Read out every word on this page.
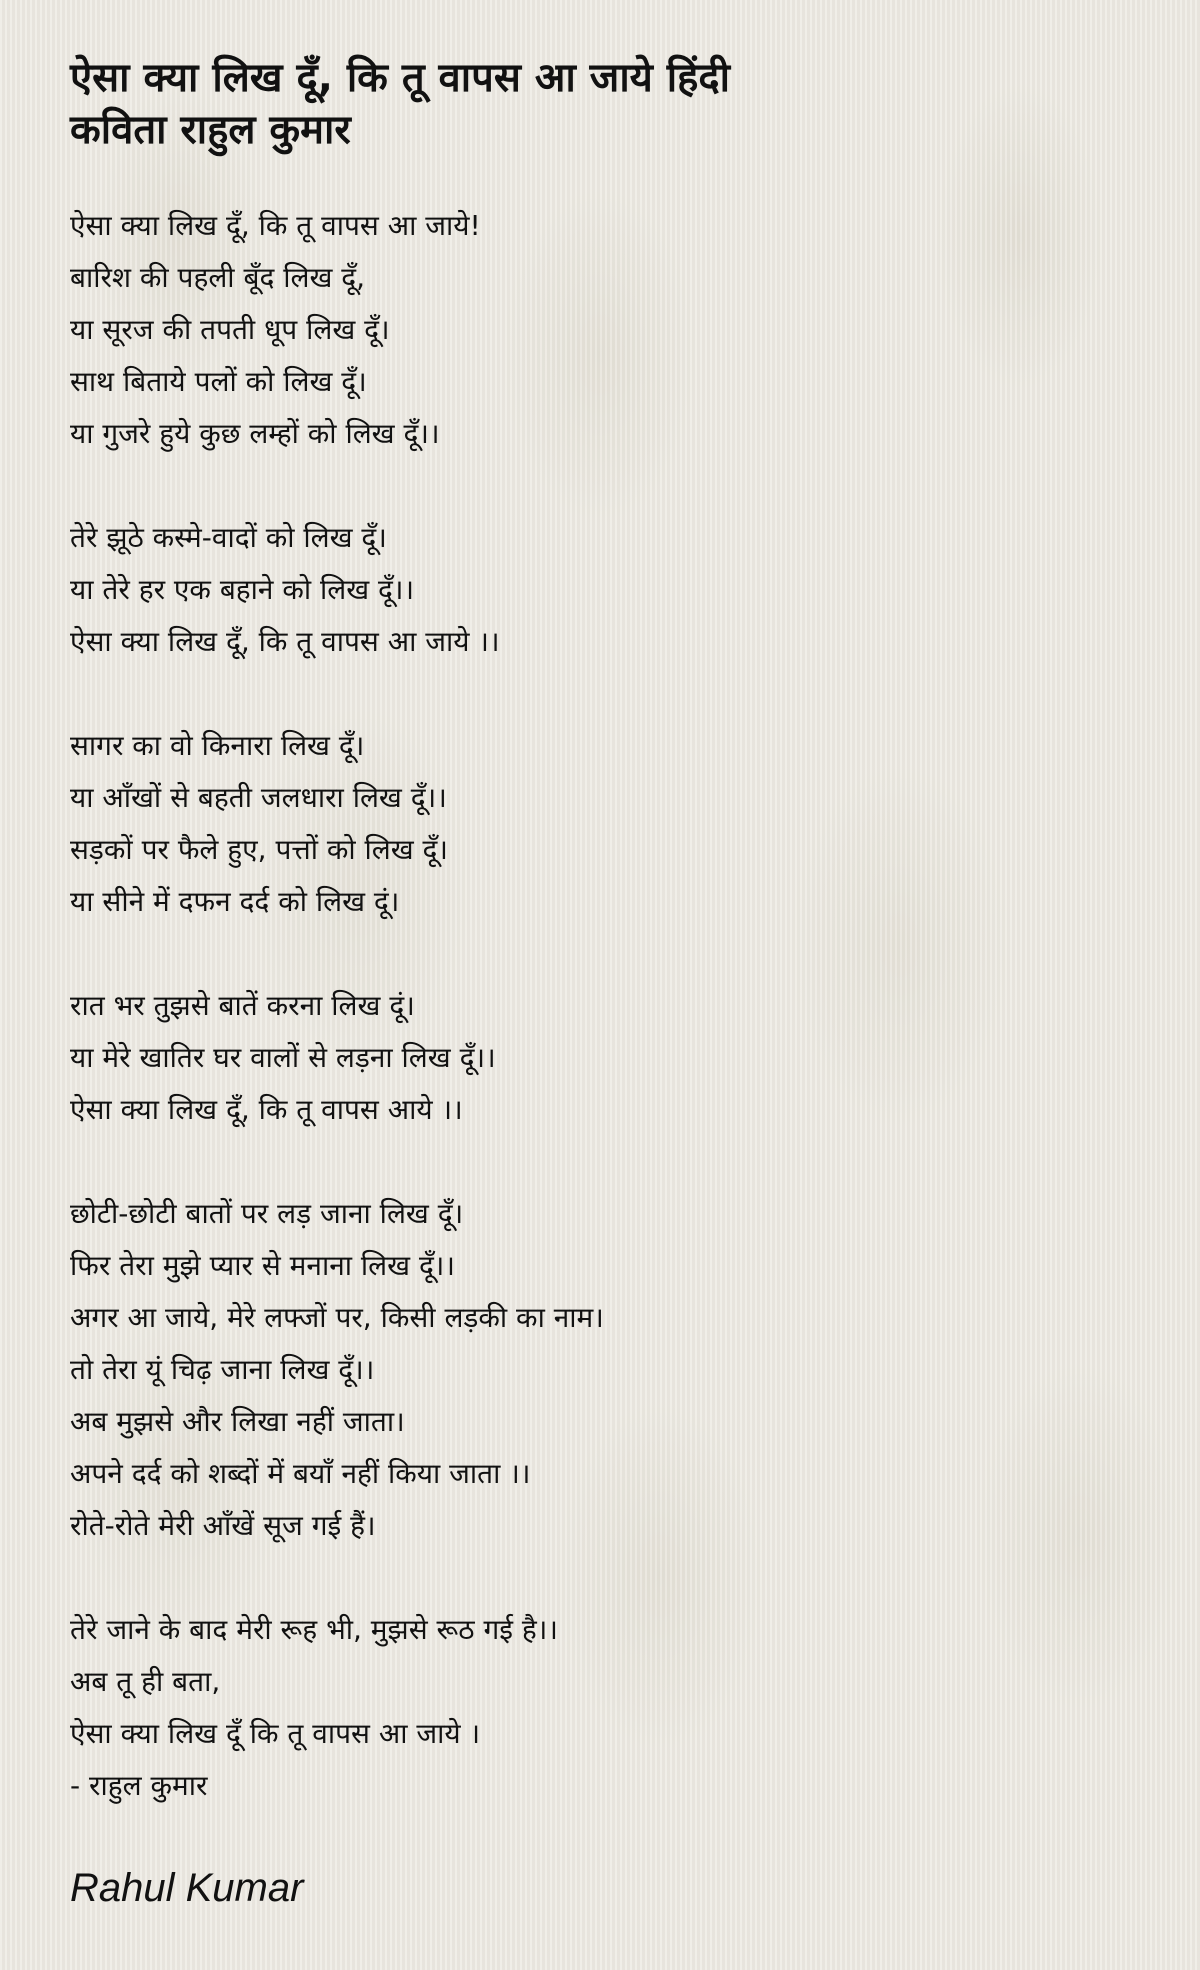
ऐसा क्या लिख दूँ, कि तू वापस आ जाये हिंदी कविता राहुल कुमार
ऐसा क्या लिख दूँ, कि तू वापस आ जाये!
बारिश की पहली बूँद लिख दूँ,
या सूरज की तपती धूप लिख दूँ।
साथ बिताये पलों को लिख दूँ।
या गुजरे हुये कुछ लम्हों को लिख दूँ।।
तेरे झूठे कस्मे-वादों को लिख दूँ।
या तेरे हर एक बहाने को लिख दूँ।।
ऐसा क्या लिख दूँ, कि तू वापस आ जाये ।।
सागर का वो किनारा लिख दूँ।
या आँखों से बहती जलधारा लिख दूँ।।
सड़कों पर फैले हुए, पत्तों को लिख दूँ।
या सीने में दफन दर्द को लिख दूं।
रात भर तुझसे बातें करना लिख दूं।
या मेरे खातिर घर वालों से लड़ना लिख दूँ।।
ऐसा क्या लिख दूँ, कि तू वापस आये ।।
छोटी-छोटी बातों पर लड़ जाना लिख दूँ।
फिर तेरा मुझे प्यार से मनाना लिख दूँ।।
अगर आ जाये, मेरे लफ्जों पर, किसी लड़की का नाम।
तो तेरा यूं चिढ़ जाना लिख दूँ।।
अब मुझसे और लिखा नहीं जाता।
अपने दर्द को शब्दों में बयाँ नहीं किया जाता ।।
रोते-रोते मेरी आँखें सूज गई हैं।
तेरे जाने के बाद मेरी रूह भी, मुझसे रूठ गई है।।
अब तू ही बता,
ऐसा क्या लिख दूँ कि तू वापस आ जाये ।
- राहुल कुमार
Rahul Kumar
